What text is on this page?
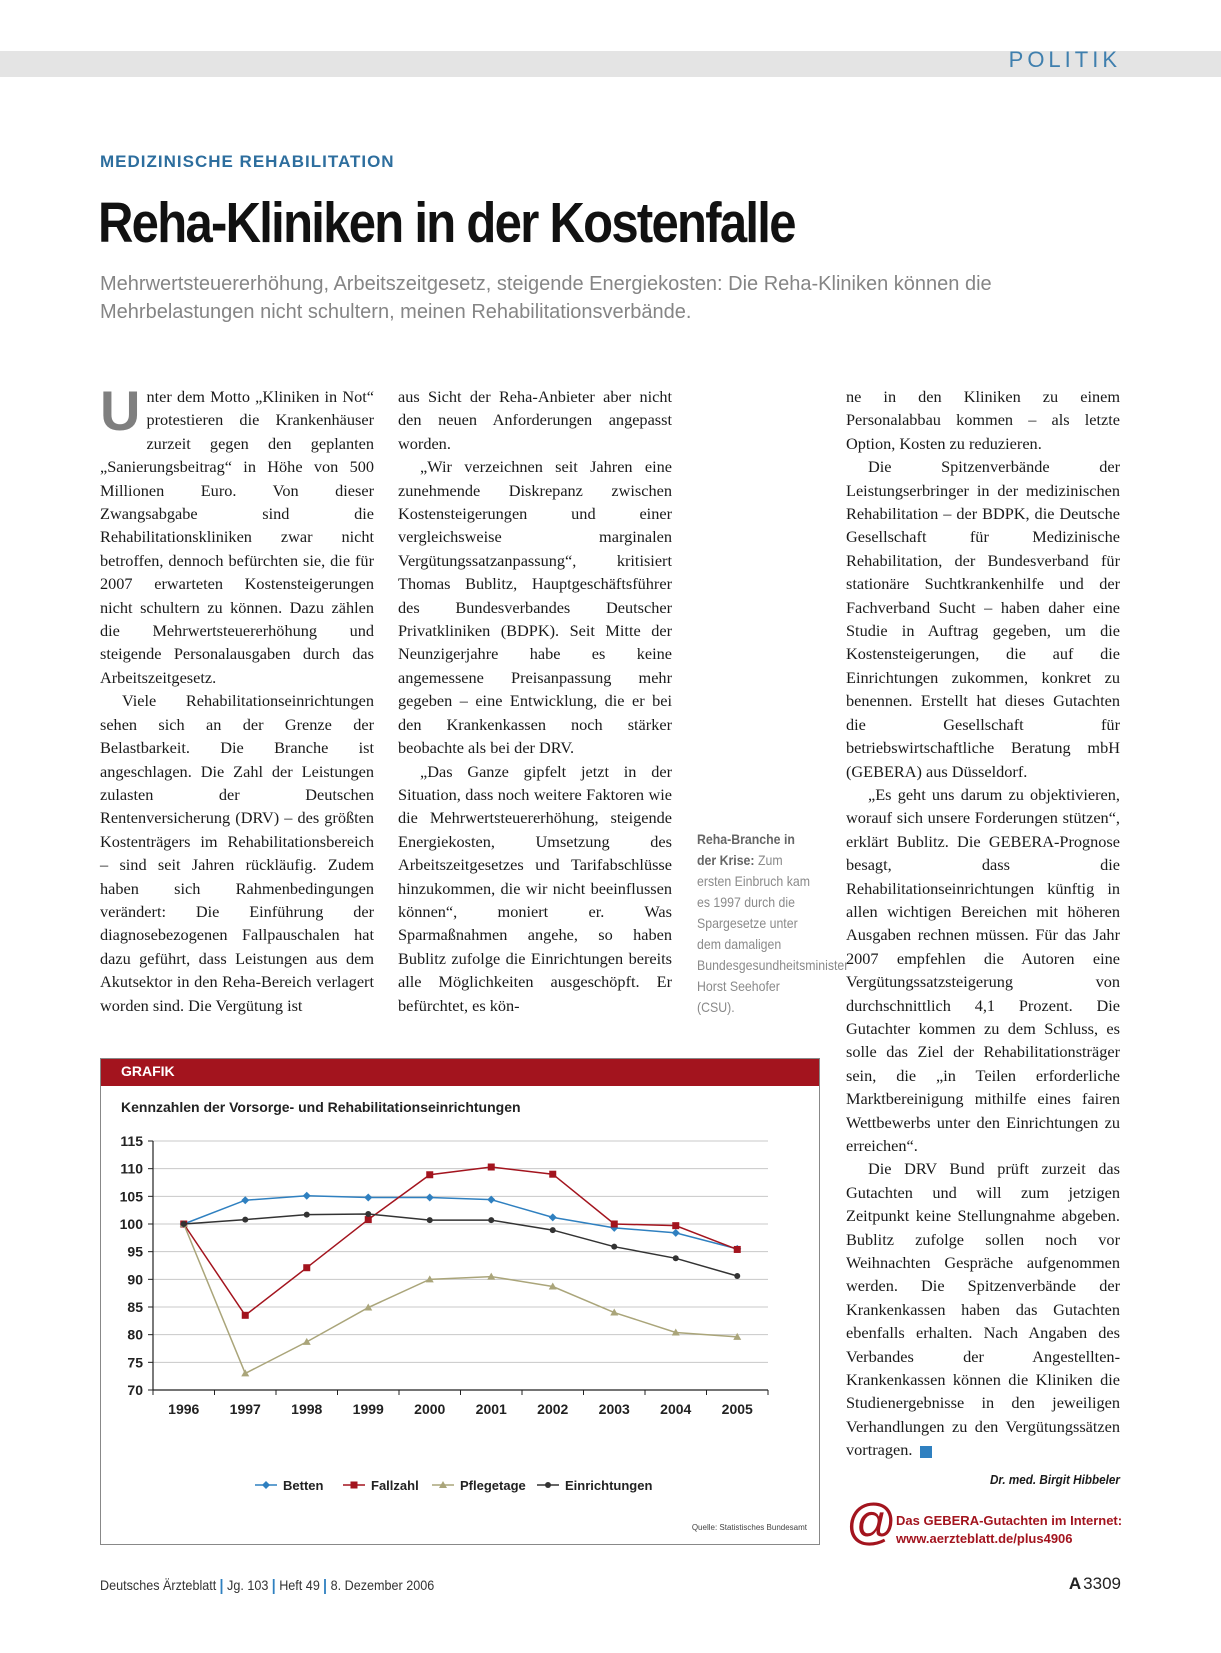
POLITIK
MEDIZINISCHE REHABILITATION
Reha-Kliniken in der Kostenfalle
Mehrwertsteuererhöhung, Arbeitszeitgesetz, steigende Energiekosten: Die Reha-Kliniken können die Mehrbelastungen nicht schultern, meinen Rehabilitationsverbände.
U nter dem Motto „Kliniken in Not“ protestieren die Krankenhäuser zurzeit gegen den geplanten „Sanierungsbeitrag“ in Höhe von 500 Millionen Euro. Von dieser Zwangsabgabe sind die Rehabilitationskliniken zwar nicht betroffen, dennoch befürchten sie, die für 2007 erwarteten Kostensteigerungen nicht schultern zu können. Dazu zählen die Mehrwertsteuererhöhung und steigende Personalausgaben durch das Arbeitszeitgesetz.

Viele Rehabilitationseinrichtungen sehen sich an der Grenze der Belastbarkeit. Die Branche ist angeschlagen. Die Zahl der Leistungen zulasten der Deutschen Rentenversicherung (DRV) – des größten Kostenträgers im Rehabilitationsbereich – sind seit Jahren rückläufig. Zudem haben sich Rahmenbedingungen verändert: Die Einführung der diagnosebezogenen Fallpauschalen hat dazu geführt, dass Leistungen aus dem Akutsektor in den Reha-Bereich verlagert worden sind. Die Vergütung ist

aus Sicht der Reha-Anbieter aber nicht den neuen Anforderungen angepasst worden.

„Wir verzeichnen seit Jahren eine zunehmende Diskrepanz zwischen Kostensteigerungen und einer vergleichsweise marginalen Vergütungssatzanpassung“, kritisiert Thomas Bublitz, Hauptgeschäftsführer des Bundesverbandes Deutscher Privatkliniken (BDPK). Seit Mitte der Neunzigerjahre habe es keine angemessene Preisanpassung mehr gegeben – eine Entwicklung, die er bei den Krankenkassen noch stärker beobachte als bei der DRV.

„Das Ganze gipfelt jetzt in der Situation, dass noch weitere Faktoren wie die Mehrwertsteuererhöhung, steigende Energiekosten, Umsetzung des Arbeitszeitgesetzes und Tarifabschlüsse hinzukommen, die wir nicht beeinflussen können“, moniert er. Was Sparmaßnahmen angehe, so haben Bublitz zufolge die Einrichtungen bereits alle Möglichkeiten ausgeschöpft. Er befürchtet, es kön-

Reha-Branche in der Krise: Zum ersten Einbruch kam es 1997 durch die Spargesetze unter dem damaligen Bundesgesundheitsminister Horst Seehofer (CSU).

ne in den Kliniken zu einem Personalabbau kommen – als letzte Option, Kosten zu reduzieren.

Die Spitzenverbände der Leistungserbringer in der medizinischen Rehabilitation – der BDPK, die Deutsche Gesellschaft für Medizinische Rehabilitation, der Bundesverband für stationäre Suchtkrankenhilfe und der Fachverband Sucht – haben daher eine Studie in Auftrag gegeben, um die Kostensteigerungen, die auf die Einrichtungen zukommen, konkret zu benennen. Erstellt hat dieses Gutachten die Gesellschaft für betriebswirtschaftliche Beratung mbH (GEBERA) aus Düsseldorf.

„Es geht uns darum zu objektivieren, worauf sich unsere Forderungen stützen“, erklärt Bublitz. Die GEBERA-Prognose besagt, dass die Rehabilitationseinrichtungen künftig in allen wichtigen Bereichen mit höheren Ausgaben rechnen müssen. Für das Jahr 2007 empfehlen die Autoren eine Vergütungssatzsteigerung von durchschnittlich 4,1 Prozent. Die Gutachter kommen zu dem Schluss, es solle das Ziel der Rehabilitationsträger sein, die „in Teilen erforderliche Marktbereinigung mithilfe eines fairen Wettbewerbs unter den Einrichtungen zu erreichen“.

Die DRV Bund prüft zurzeit das Gutachten und will zum jetzigen Zeitpunkt keine Stellungnahme abgeben. Bublitz zufolge sollen noch vor Weihnachten Gespräche aufgenommen werden. Die Spitzenverbände der Krankenkassen haben das Gutachten ebenfalls erhalten. Nach Angaben des Verbandes der Angestellten-Krankenkassen können die Kliniken die Studienergebnisse in den jeweiligen Verhandlungen zu den Vergütungssätzen vortragen.

Dr. med. Birgit Hibbeler
GRAFIK
Kennzahlen der Vorsorge- und Rehabilitationseinrichtungen
70
75
80
85
90
95
100
105
110
115
1996 1997 1998 1999 2000 2001 2002 2003 2004 2005
Betten	Fallzahl	Pflegetage	Einrichtungen
Quelle: Statistisches Bundesamt @ Das GEBERA-Gutachten im Internet:
www.aerzteblatt.de/plus4906
Deutsches Ärzteblatt Jg. 103 Heft 49 8. Dezember 2006	A 3309
